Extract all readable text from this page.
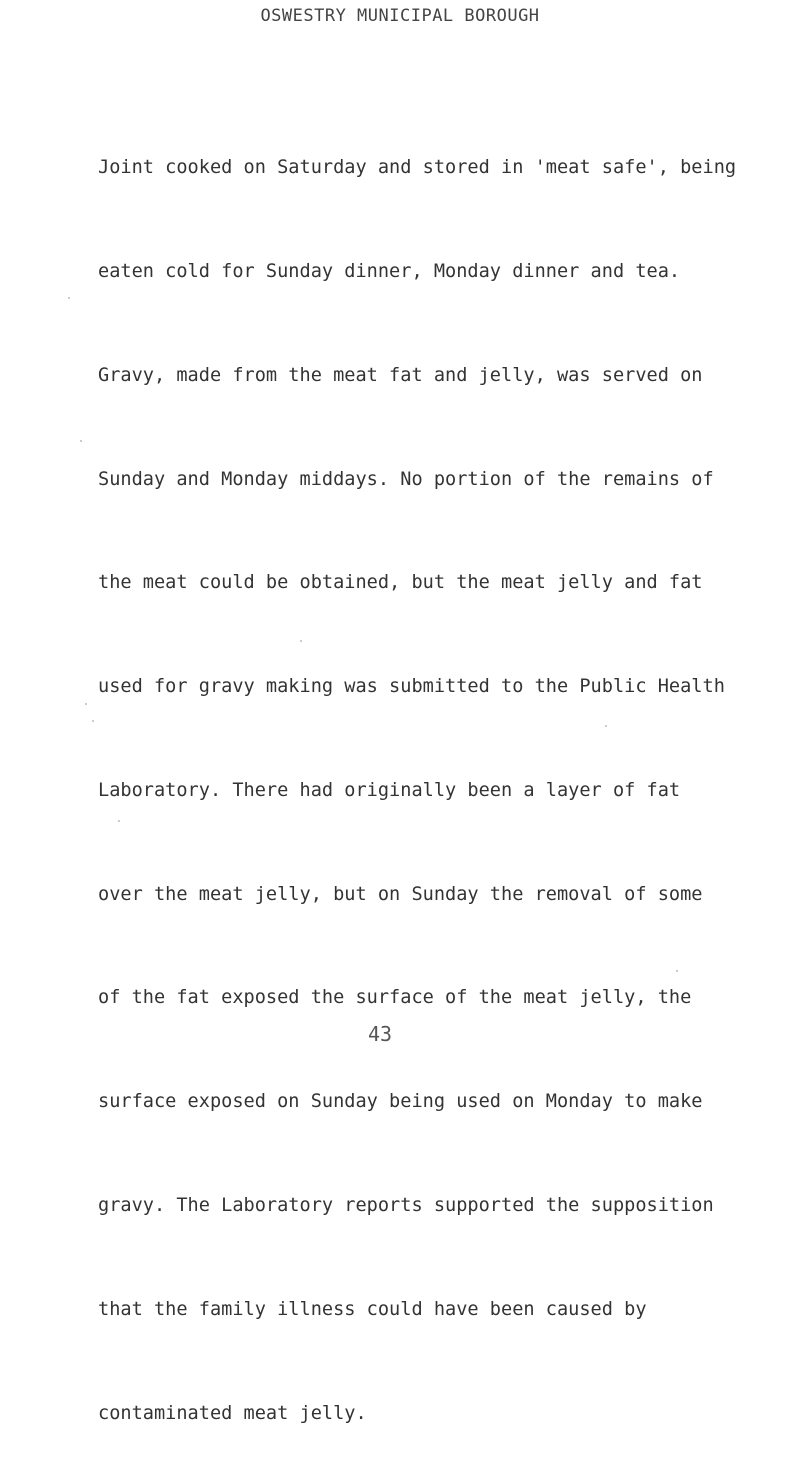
OSWESTRY MUNICIPAL BOROUGH

Joint cooked on Saturday and stored in 'meat safe', being

eaten cold for Sunday dinner, Monday dinner and tea.

Gravy, made from the meat fat and jelly, was served on

Sunday and Monday middays. No portion of the remains of

the meat could be obtained, but the meat jelly and fat

used for gravy making was submitted to the Public Health

Laboratory. There had originally been a layer of fat

over the meat jelly, but on Sunday the removal of some

of the fat exposed the surface of the meat jelly, the

surface exposed on Sunday being used on Monday to make

gravy. The Laboratory reports supported the supposition

that the family illness could have been caused by

contaminated meat jelly.

43
